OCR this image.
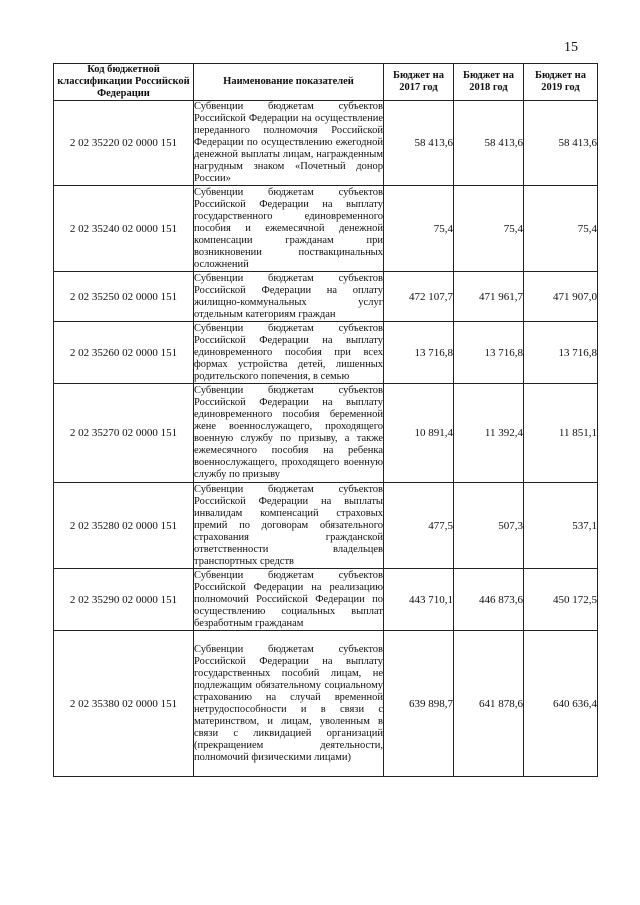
15
Код бюджетной классификации Российской Федерации	Наименование показателей	Бюджет на 2017 год	Бюджет на 2018 год	Бюджет на 2019 год
2 02 35220 02 0000 151	Субвенции бюджетам субъектов Российской Федерации на осуществление переданного полномочия Российской Федерации по осуществлению ежегодной денежной выплаты лицам, награжденным нагрудным знаком «Почетный донор России»	58 413,6	58 413,6	58 413,6
2 02 35240 02 0000 151	Субвенции бюджетам субъектов Российской Федерации на выплату государственного единовременного пособия и ежемесячной денежной компенсации гражданам при возникновении поствакцинальных осложнений	75,4	75,4	75,4
2 02 35250 02 0000 151	Субвенции бюджетам субъектов Российской Федерации на оплату жилищно-коммунальных услуг отдельным категориям граждан	472 107,7	471 961,7	471 907,0
2 02 35260 02 0000 151	Субвенции бюджетам субъектов Российской Федерации на выплату единовременного пособия при всех формах устройства детей, лишенных родительского попечения, в семью	13 716,8	13 716,8	13 716,8
2 02 35270 02 0000 151	Субвенции бюджетам субъектов Российской Федерации на выплату единовременного пособия беременной жене военнослужащего, проходящего военную службу по призыву, а также ежемесячного пособия на ребенка военнослужащего, проходящего военную службу по призыву	10 891,4	11 392,4	11 851,1
2 02 35280 02 0000 151	Субвенции бюджетам субъектов Российской Федерации на выплаты инвалидам компенсаций страховых премий по договорам обязательного страхования гражданской ответственности владельцев транспортных средств	477,5	507,3	537,1
2 02 35290 02 0000 151	Субвенции бюджетам субъектов Российской Федерации на реализацию полномочий Российской Федерации по осуществлению социальных выплат безработным гражданам	443 710,1	446 873,6	450 172,5
2 02 35380 02 0000 151	Субвенции бюджетам субъектов Российской Федерации на выплату государственных пособий лицам, не подлежащим обязательному социальному страхованию на случай временной нетрудоспособности и в связи с материнством, и лицам, уволенным в связи с ликвидацией организаций (прекращением деятельности, полномочий физическими лицами)	639 898,7	641 878,6	640 636,4
